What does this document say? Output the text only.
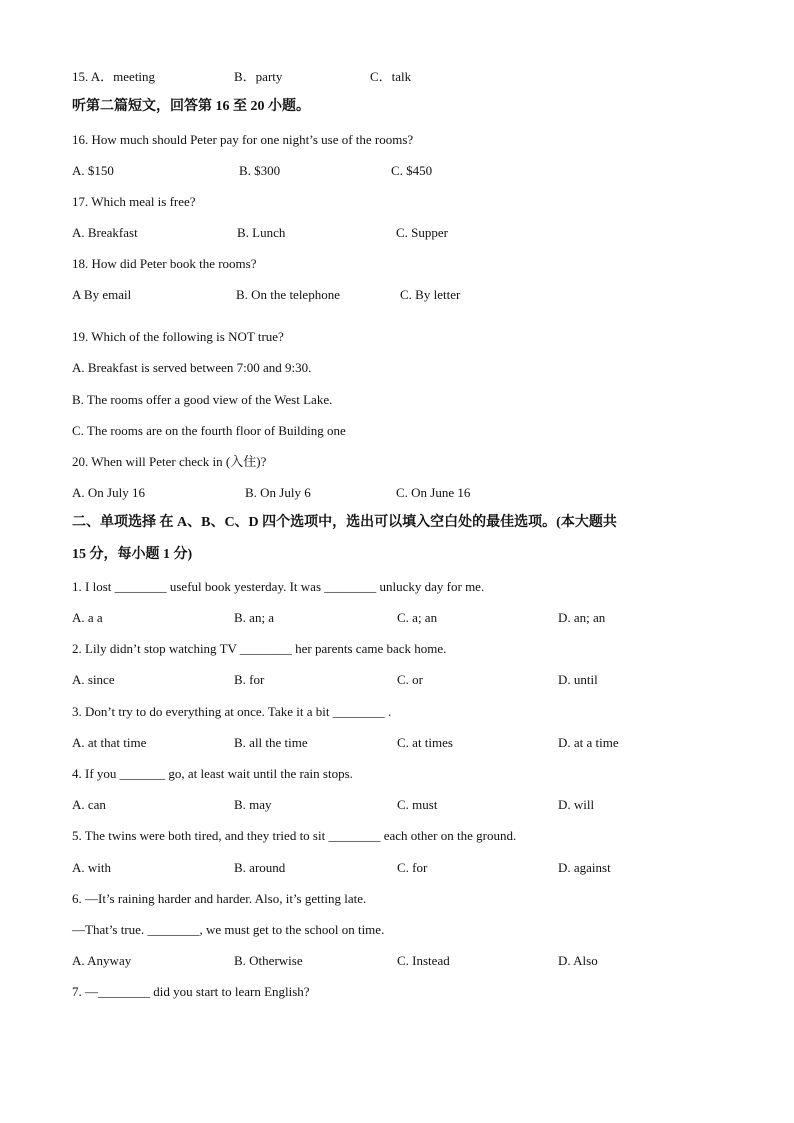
15. A．meeting	B．party	C．talk
听第二篇短文，回答第 16 至 20 小题。
16. How much should Peter pay for one night’s use of the rooms?
A. $150	B. $300	C. $450
17. Which meal is free?
A. Breakfast	B. Lunch	C. Supper
18. How did Peter book the rooms?
A By email	B. On the telephone	C. By letter
19. Which of the following is NOT true?
A. Breakfast is served between 7:00 and 9:30.
B. The rooms offer a good view of the West Lake.
C. The rooms are on the fourth floor of Building one
20. When will Peter check in (入住)?
A. On July 16	B. On July 6	C. On June 16
二、单项选择 在 A、B、C、D 四个选项中，选出可以填入空白处的最佳选项。(本大题共
15 分，每小题 1 分)
1. I lost ________ useful book yesterday. It was ________ unlucky day for me.
A. a a	B. an; a	C. a; an	D. an; an
2. Lily didn’t stop watching TV ________ her parents came back home.
A. since	B. for	C. or	D. until
3. Don’t try to do everything at once. Take it a bit ________ .
A. at that time	B. all the time	C. at times	D. at a time
4. If you _______ go, at least wait until the rain stops.
A. can	B. may	C. must	D. will
5. The twins were both tired, and they tried to sit ________ each other on the ground.
A. with	B. around	C. for	D. against
6. —It’s raining harder and harder. Also, it’s getting late.
—That’s true. ________, we must get to the school on time.
A. Anyway	B. Otherwise	C. Instead	D. Also
7. —________ did you start to learn English?
